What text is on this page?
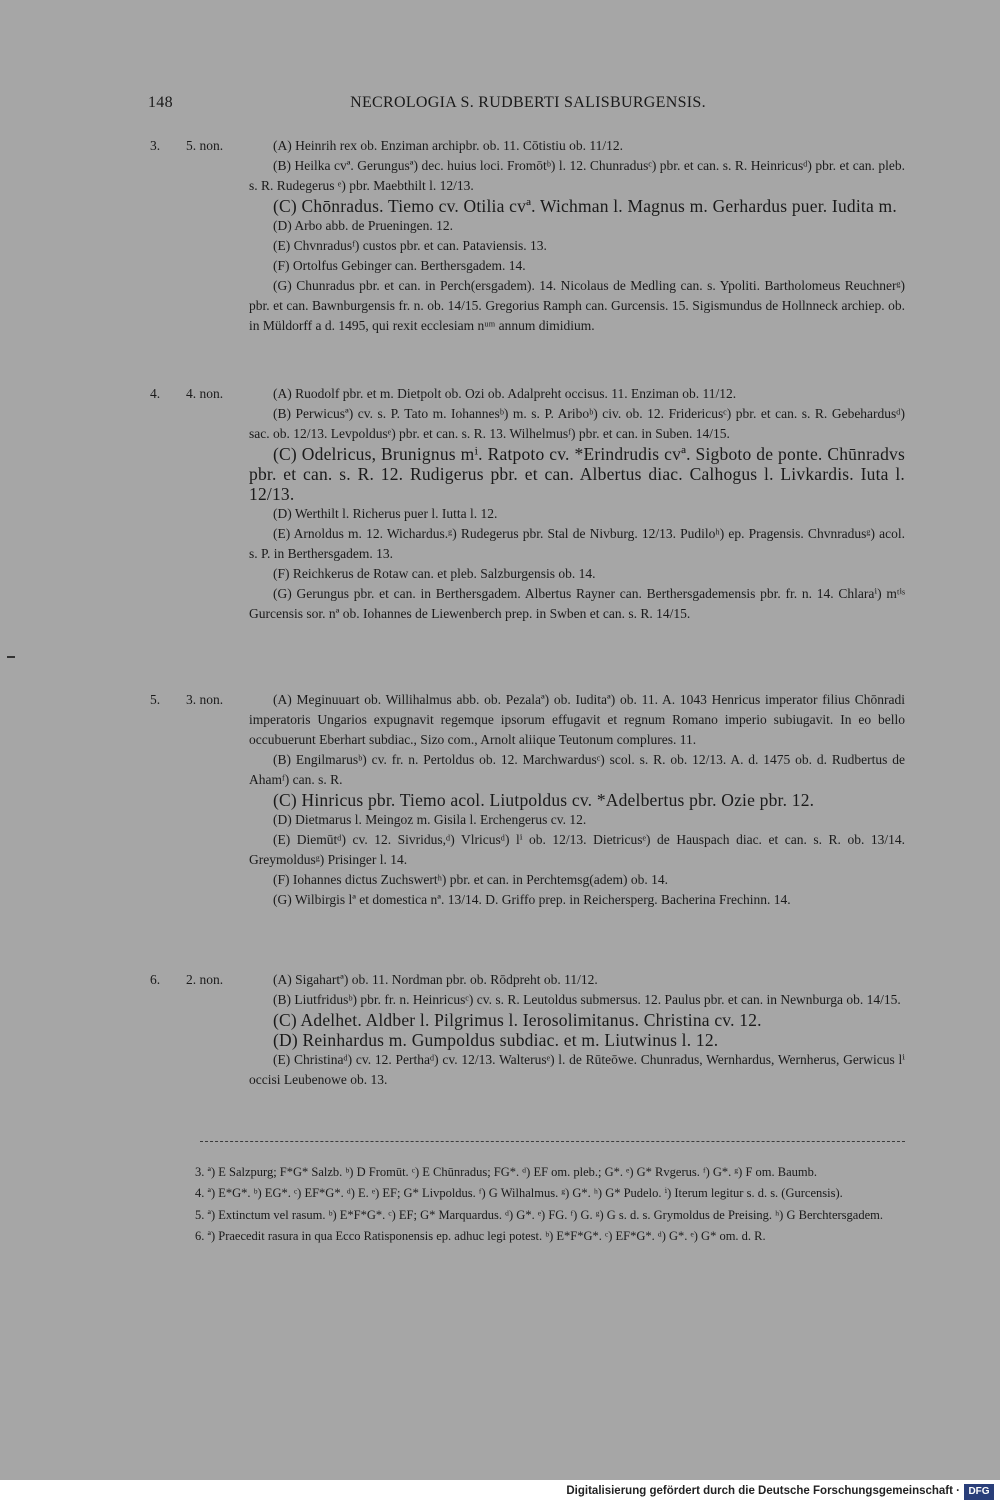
148	NECROLOGIA S. RUDBERTI SALISBURGENSIS.
3. 5. non.	(A) Heinrih rex ob. Enziman archipbr. ob. 11. Cōtistiu ob. 11/12.

(B) Heilka cvª. Gerungusª) dec. huius loci. Fromōtᵇ) l. 12. Chunradusᶜ) pbr. et can. s. R. Heinricusᵈ) pbr. et can. pleb. s. R. Rudegerus ᵉ) pbr. Maebthilt l. 12/13.

(C) Chōnradus. Tiemo cv. Otilia cvª. Wichman l. Magnus m. Gerhardus puer. Iudita m.

(D) Arbo abb. de Prueningen. 12.

(E) Chvnradusᶠ) custos pbr. et can. Pataviensis. 13.

(F) Ortolfus Gebinger can. Berthersgadem. 14.

(G) Chunradus pbr. et can. in Perch(ersgadem). 14. Nicolaus de Medling can. s. Ypoliti. Bartholomeus Reuchnerᵍ) pbr. et can. Bawnburgensis fr. n. ob. 14/15. Gregorius Ramph can. Gurcensis. 15. Sigismundus de Hollnneck archiep. ob. in Müldorff a d. 1495, qui rexit ecclesiam nᵘᵐ annum dimidium.

4. 4. non.	(A) Ruodolf pbr. et m. Dietpolt ob. Ozi ob. Adalpreht occisus. 11. Enziman ob. 11/12.

(B) Perwicusª) cv. s. P. Tato m. Iohannesᵇ) m. s. P. Ariboᵇ) civ. ob. 12. Fridericusᶜ) pbr. et can. s. R. Gebehardusᵈ) sac. ob. 12/13. Levpoldusᵉ) pbr. et can. s. R. 13. Wilhelmusᶠ) pbr. et can. in Suben. 14/15.

(C) Odelricus, Brunignus mⁱ. Ratpoto cv. *Erindrudis cvª. Sigboto de ponte. Chūnradvs pbr. et can. s. R. 12. Rudigerus pbr. et can. Albertus diac. Calhogus l. Livkardis. Iuta l. 12/13.

(D) Werthilt l. Richerus puer l. Iutta l. 12.

(E) Arnoldus m. 12. Wichardus.ᵍ) Rudegerus pbr. Stal de Nivburg. 12/13. Pudiloʰ) ep. Pragensis. Chvnradusᵍ) acol. s. P. in Berthersgadem. 13.

(F) Reichkerus de Rotaw can. et pleb. Salzburgensis ob. 14.

(G) Gerungus pbr. et can. in Berthersgadem. Albertus Rayner can. Berthersgademensis pbr. fr. n. 14. Chlaraⁱ) mᵗⁱˢ Gurcensis sor. nª ob. Iohannes de Liewenberch prep. in Swben et can. s. R. 14/15.

5. 3. non.	(A) Meginuuart ob. Willihalmus abb. ob. Pezalaª) ob. Iuditaª) ob. 11. A. 1043 Henricus imperator filius Chōnradi imperatoris Ungarios expugnavit regemque ipsorum effugavit et regnum Romano imperio subiugavit. In eo bello occubuerunt Eberhart subdiac., Sizo com., Arnolt aliique Teutonum complures. 11.

(B) Engilmarusᵇ) cv. fr. n. Pertoldus ob. 12. Marchwardusᶜ) scol. s. R. ob. 12/13. A. d. 1475 ob. d. Rudbertus de Ahamᶠ) can. s. R.

(C) Hinricus pbr. Tiemo acol. Liutpoldus cv. *Adelbertus pbr. Ozie pbr. 12.

(D) Dietmarus l. Meingoz m. Gisila l. Erchengerus cv. 12.

(E) Diemūtᵈ) cv. 12. Sivridus,ᵈ) Vlricusᵈ) lⁱ ob. 12/13. Dietricusᵉ) de Hauspach diac. et can. s. R. ob. 13/14. Greymoldusᵍ) Prisinger l. 14.

(F) Iohannes dictus Zuchswertʰ) pbr. et can. in Perchtemsg(adem) ob. 14.

(G) Wilbirgis lª et domestica nª. 13/14. D. Griffo prep. in Reichersperg. Bacherina Frechinn. 14.

6. 2. non.	(A) Sigahartª) ob. 11. Nordman pbr. ob. Rōdpreht ob. 11/12.

(B) Liutfridusᵇ) pbr. fr. n. Heinricusᶜ) cv. s. R. Leutoldus submersus. 12. Paulus pbr. et can. in Newnburga ob. 14/15.

(C) Adelhet. Aldber l. Pilgrimus l. Ierosolimitanus. Christina cv. 12.

(D) Reinhardus m. Gumpoldus subdiac. et m. Liutwinus l. 12.

(E) Christinaᵈ) cv. 12. Perthaᵈ) cv. 12/13. Walterusᵉ) l. de Rūteōwe. Chunradus, Wernhardus, Wernherus, Gerwicus lⁱ occisi Leubenowe ob. 13.

3. ª) E Salzpurg; F*G* Salzb. ᵇ) D Fromūt. ᶜ) E Chūnradus; FG*. ᵈ) EF om. pleb.; G*. ᵉ) G* Rvgerus. ᶠ) G*. ᵍ) F om. Baumb.

4. ª) E*G*. ᵇ) EG*. ᶜ) EF*G*. ᵈ) E. ᵉ) EF; G* Livpoldus. ᶠ) G Wilhalmus. ᵍ) G*. ʰ) G* Pudelo. ⁱ) Iterum legitur s. d. s. (Gurcensis).

5. ª) Extinctum vel rasum. ᵇ) E*F*G*. ᶜ) EF; G* Marquardus. ᵈ) G*. ᵉ) FG. ᶠ) G. ᵍ) G s. d. s. Grymoldus de Preising. ʰ) G Berchtersgadem.

6. ª) Praecedit rasura in qua Ecco Ratisponensis ep. adhuc legi potest. ᵇ) E*F*G*. ᶜ) EF*G*. ᵈ) G*. ᵉ) G* om. d. R.

Digitalisierung gefördert durch die Deutsche Forschungsgemeinschaft · DFG
